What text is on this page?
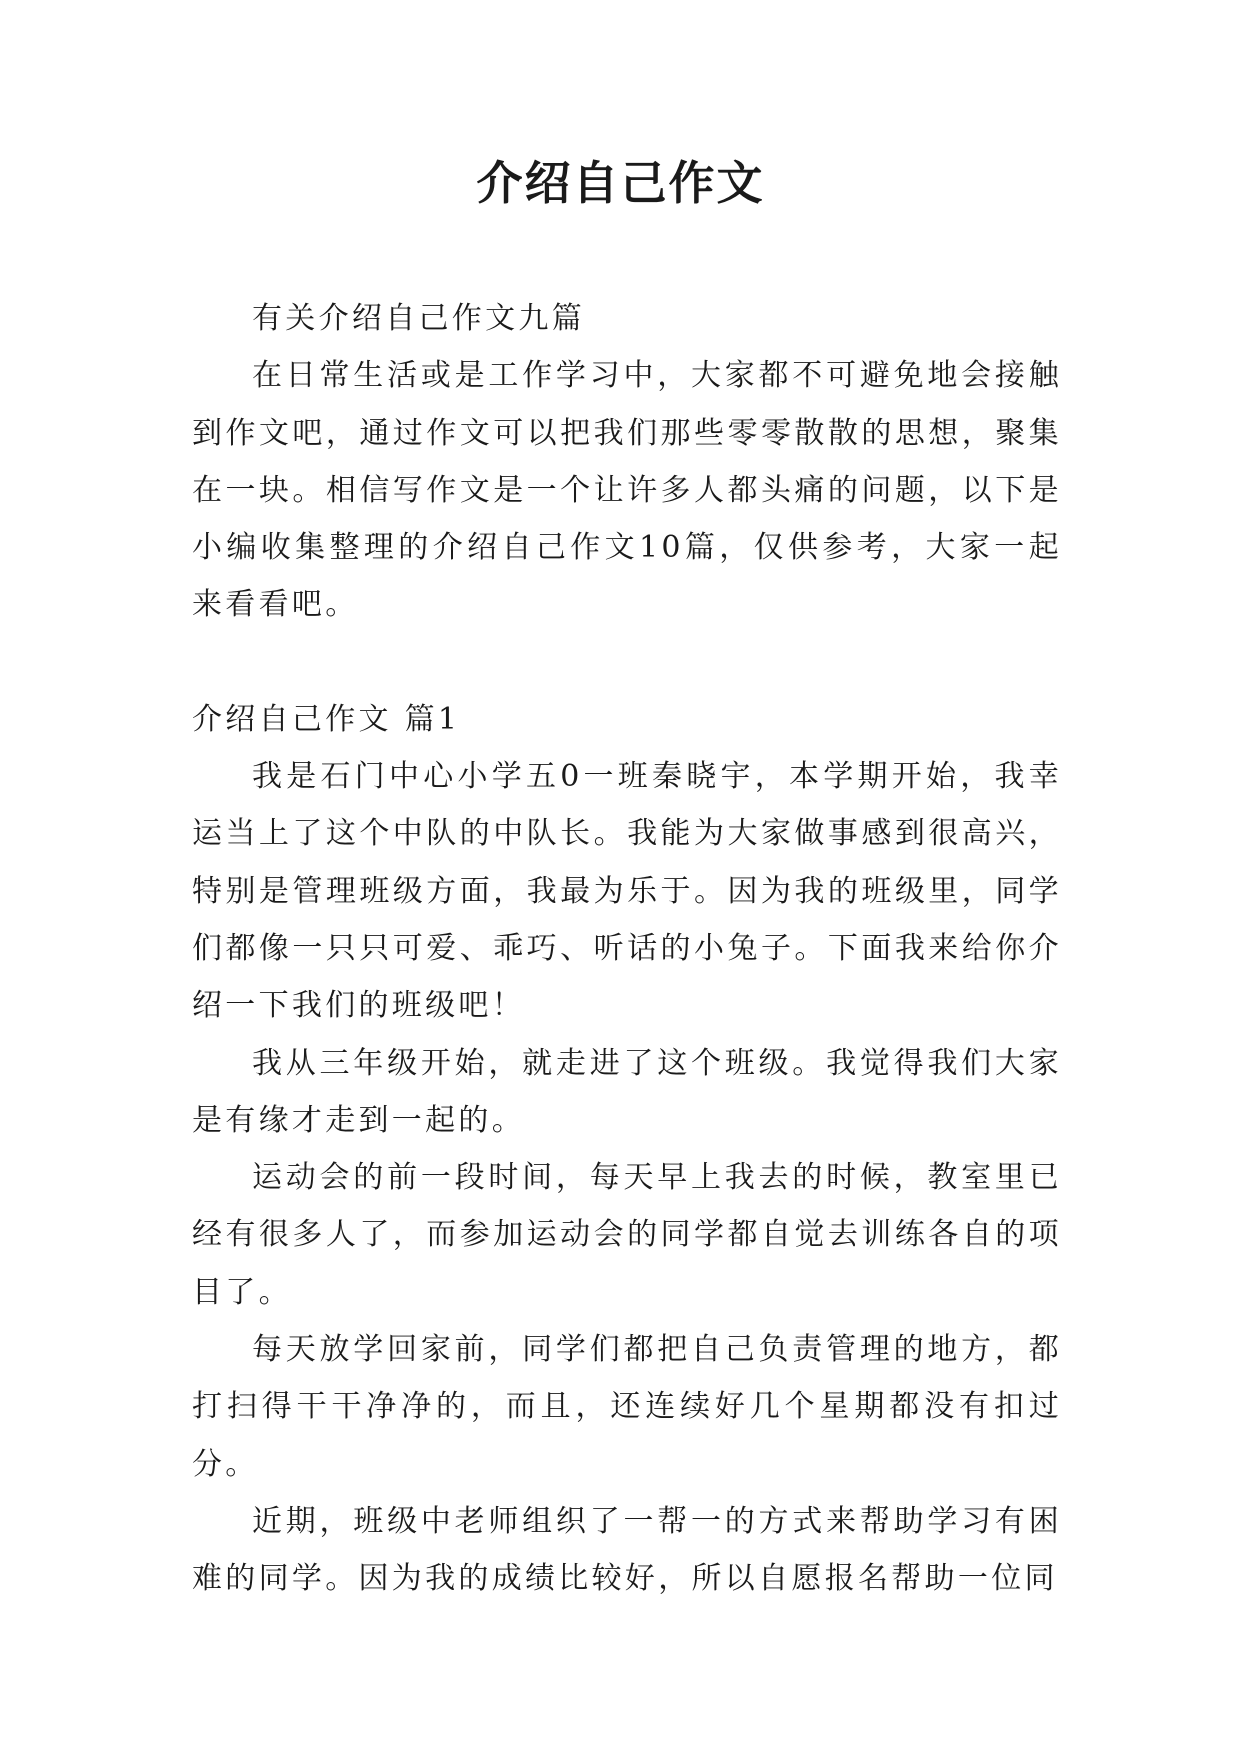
介绍自己作文

有关介绍自己作文九篇

在日常生活或是工作学习中，大家都不可避免地会接触到作文吧，通过作文可以把我们那些零零散散的思想，聚集在一块。相信写作文是一个让许多人都头痛的问题，以下是小编收集整理的介绍自己作文10篇，仅供参考，大家一起来看看吧。

介绍自己作文 篇1

我是石门中心小学五0一班秦晓宇，本学期开始，我幸运当上了这个中队的中队长。我能为大家做事感到很高兴，特别是管理班级方面，我最为乐于。因为我的班级里，同学们都像一只只可爱、乖巧、听话的小兔子。下面我来给你介绍一下我们的班级吧！

我从三年级开始，就走进了这个班级。我觉得我们大家是有缘才走到一起的。

运动会的前一段时间，每天早上我去的时候，教室里已经有很多人了，而参加运动会的同学都自觉去训练各自的项目了。

每天放学回家前，同学们都把自己负责管理的地方，都打扫得干干净净的，而且，还连续好几个星期都没有扣过分。

近期，班级中老师组织了一帮一的方式来帮助学习有困难的同学。因为我的成绩比较好，所以自愿报名帮助一位同
